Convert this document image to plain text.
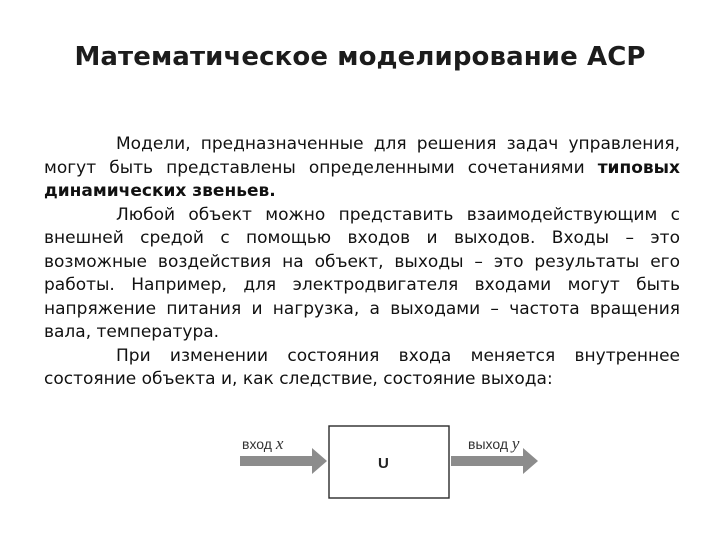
Математическое моделирование АСР

Модели, предназначенные для решения задач управления, могут быть представлены определенными сочетаниями типовых динамических звеньев.

Любой объект можно представить взаимодействующим с внешней средой с помощью входов и выходов. Входы – это возможные воздействия на объект, выходы – это результаты его работы. Например, для электродвигателя входами могут быть напряжение питания и нагрузка, а выходами – частота вращения вала, температура.

При изменении состояния входа меняется внутреннее состояние объекта и, как следствие, состояние выхода:

вход x
U
выход y
